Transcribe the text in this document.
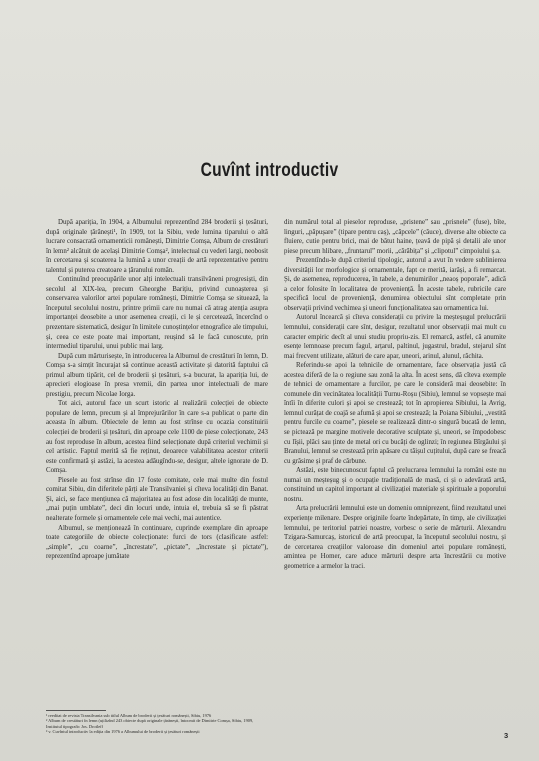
Cuvînt introductiv

După apariția, în 1904, a Albumului reprezentînd 284 broderii și țesături, după originale țărănești¹, în 1909, tot la Sibiu, vede lumina tiparului o altă lucrare consacrată ornamenticii românești, Dimitrie Comșa, Album de crestături în lemn² alcătuit de același Dimitrie Comșa², intelectual cu vederi largi, neobosit în cercetarea și scoaterea la lumină a unor creații de artă reprezentative pentru talentul și puterea creatoare a țăranului român.

Continuînd preocupările unor alți intelectuali transilvăneni progresiști, din secolul al XIX-lea, precum Gheorghe Barițiu, privind cunoașterea și conservarea valorilor artei populare românești, Dimitrie Comșa se situează, la începutul secolului nostru, printre primii care nu numai că atrag atenția asupra importanței deosebite a unor asemenea creații, ci le și cercetează, încercînd o prezentare sistematică, desigur în limitele cunoștințelor etnografice ale timpului, și, ceea ce este poate mai important, reușind să le facă cunoscute, prin intermediul tiparului, unui public mai larg.

După cum mărturisește, în introducerea la Albumul de crestături în lemn, D. Comșa s-a simțit încurajat să continue această activitate și datorită faptului că primul album tipărit, cel de broderii și țesături, s-a bucurat, la apariția lui, de aprecieri elogioase în presa vremii, din partea unor intelectuali de mare prestigiu, precum Nicolae Iorga.

Tot aici, autorul face un scurt istoric al realizării colecției de obiecte populare de lemn, precum și al împrejurărilor în care s-a publicat o parte din aceasta în album. Obiectele de lemn au fost strînse cu ocazia constituirii colecției de broderii și țesături, din aproape cele 1100 de piese colecționate, 243 au fost reproduse în album, acestea fiind selecționate după criteriul vechimii și cel artistic. Faptul merită să fie reținut, deoarece valabilitatea acestor criterii este confirmată și astăzi, la acestea adăugîndu-se, desigur, altele ignorate de D. Comșa.

Piesele au fost strînse din 17 foste comitate, cele mai multe din fostul comitat Sibiu, din diferitele părți ale Transilvaniei și cîteva localități din Banat. Și, aici, se face mențiunea că majoritatea au fost adose din localități de munte, „mai puțin umblate”, deci din locuri unde, intuia el, trebuia să se fi păstrat nealterate formele și ornamentele cele mai vechi, mai autentice.

Albumul, se menționează în continuare, cuprinde exemplare din aproape toate categoriile de obiecte colecționate: furci de tors (clasificate astfel: „simple”, „cu coarne”, „încrestate”, „pictate”, „încrestate și pictate”), reprezentînd aproape jumătate

din numărul total al pieselor reproduse, „pristene” sau „prisnele” (fuse), bîte, linguri, „păpușare” (tipare pentru caș), „căpcele” (căuce), diverse alte obiecte ca fluiere, cutie pentru brici, mai de bătut haine, țeavă de pipă și detalii ale unor piese precum hlibare, „fruntarul” morii, „cărăbița” și „clipotul” cimpoiului ș.a.

Prezentîndu-le după criteriul tipologic, autorul a avut în vedere sublinierea diversității lor morfologice și ornamentale, fapt ce merită, iarăși, a fi remarcat. Și, de asemenea, reproducerea, în tabele, a denumirilor „neaoș poporale”, adică a celor folosite în localitatea de proveniență. În aceste tabele, rubricile care specifică locul de proveniență, denumirea obiectului sînt completate prin observații privind vechimea și uneori funcționalitatea sau ornamentica lui.

Autorul încearcă și cîteva considerații cu privire la meșteșugul prelucrării lemnului, considerații care sînt, desigur, rezultatul unor observații mai mult cu caracter empiric decît al unui studiu propriu-zis. El remarcă, astfel, că anumite esențe lemnoase precum fagul, arțarul, paltinul, jugastrul, bradul, stejarul sînt mai frecvent utilizate, alături de care apar, uneori, arinul, alunul, răchita.

Referindu-se apoi la tehnicile de ornamentare, face observația justă că acestea diferă de la o regiune sau zonă la alta. În acest sens, dă cîteva exemple de tehnici de ornamentare a furcilor, pe care le consideră mai deosebite: în comunele din vecinătatea localității Turnu-Roșu (Sibiu), lemnul se vopsește mai întîi în diferite culori și apoi se crestează; tot în apropierea Sibiului, la Avrig, lemnul curățat de coajă se afumă și apoi se crestează; la Poiana Sibiului, „vestită pentru furcile cu coarne”, piesele se realizează dintr-o singură bucată de lemn, se pictează pe margine motivele decorative sculptate și, uneori, se împodobesc cu lîșii, plăci sau ținte de metal ori cu bucăți de oglinzi; în regiunea Bîrgăului și Branului, lemnul se crestează prin apăsare cu tăișul cuțitului, după care se freacă cu grăsime și praf de cărbune.

Astăzi, este binecunoscut faptul că prelucrarea lemnului la români este nu numai un meșteșug și o ocupație tradițională de masă, ci și o adevărată artă, constituind un capitol important al civilizației materiale și spirituale a poporului nostru.

Arta prelucrării lemnului este un domeniu omniprezent, fiind rezultatul unei experiențe milenare. Despre originile foarte îndepărtate, în timp, ale civilizației lemnului, pe teritoriul patriei noastre, vorbesc o serie de mărturii. Alexandru Tzigara-Samurcaș, istoricul de artă preocupat, la începutul secolului nostru, și de cercetarea creațiilor valoroase din domeniul artei populare românești, amintea pe Homer, care aduce mărturii despre arta încrestării cu motive geometrice a armelor la traci.

¹ reeditat de revista Transilvania sub titlul Album de broderii și țesături românești, Sibiu, 1976
² Album de crestături în lemn (uțilizînd 243 obiecte după originale țărănești, întocmit de Dimitrie Comșa, Sibiu, 1909, Institutul tipografic Jos. Drotleff
³ v. Cuvîntul introductiv la ediția din 1976 a Albumului de broderii și țesături românești	3
